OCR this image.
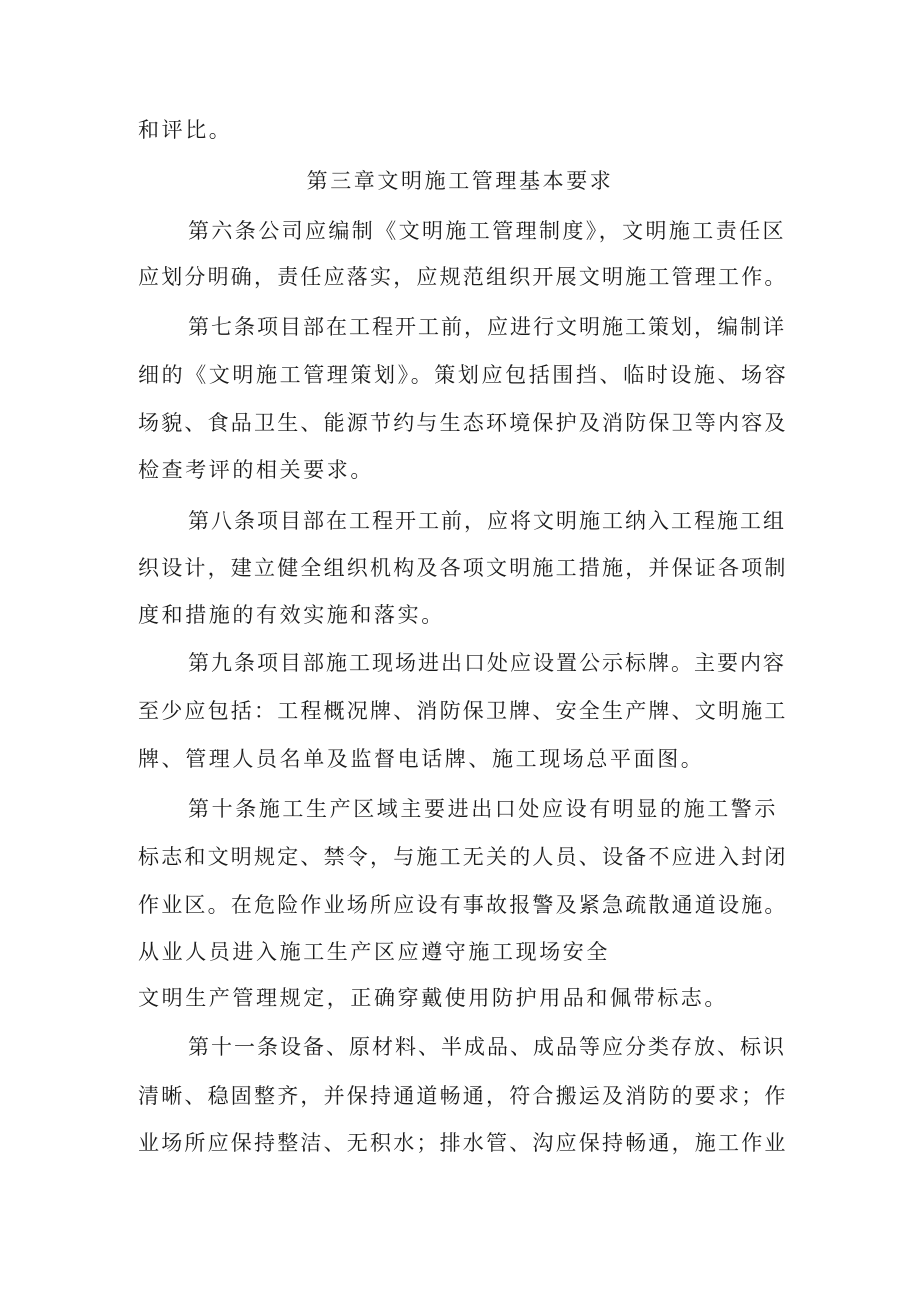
和评比。
第三章文明施工管理基本要求
第六条公司应编制《文明施工管理制度》，文明施工责任区
应划分明确，责任应落实，应规范组织开展文明施工管理工作。
第七条项目部在工程开工前，应进行文明施工策划，编制详
细的《文明施工管理策划》。策划应包括围挡、临时设施、场容
场貌、食品卫生、能源节约与生态环境保护及消防保卫等内容及
检查考评的相关要求。
第八条项目部在工程开工前，应将文明施工纳入工程施工组
织设计，建立健全组织机构及各项文明施工措施，并保证各项制
度和措施的有效实施和落实。
第九条项目部施工现场进出口处应设置公示标牌。主要内容
至少应包括：工程概况牌、消防保卫牌、安全生产牌、文明施工
牌、管理人员名单及监督电话牌、施工现场总平面图。
第十条施工生产区域主要进出口处应设有明显的施工警示
标志和文明规定、禁令，与施工无关的人员、设备不应进入封闭
作业区。在危险作业场所应设有事故报警及紧急疏散通道设施。
从业人员进入施工生产区应遵守施工现场安全
文明生产管理规定，正确穿戴使用防护用品和佩带标志。
第十一条设备、原材料、半成品、成品等应分类存放、标识
清晰、稳固整齐，并保持通道畅通，符合搬运及消防的要求；作
业场所应保持整洁、无积水；排水管、沟应保持畅通，施工作业
